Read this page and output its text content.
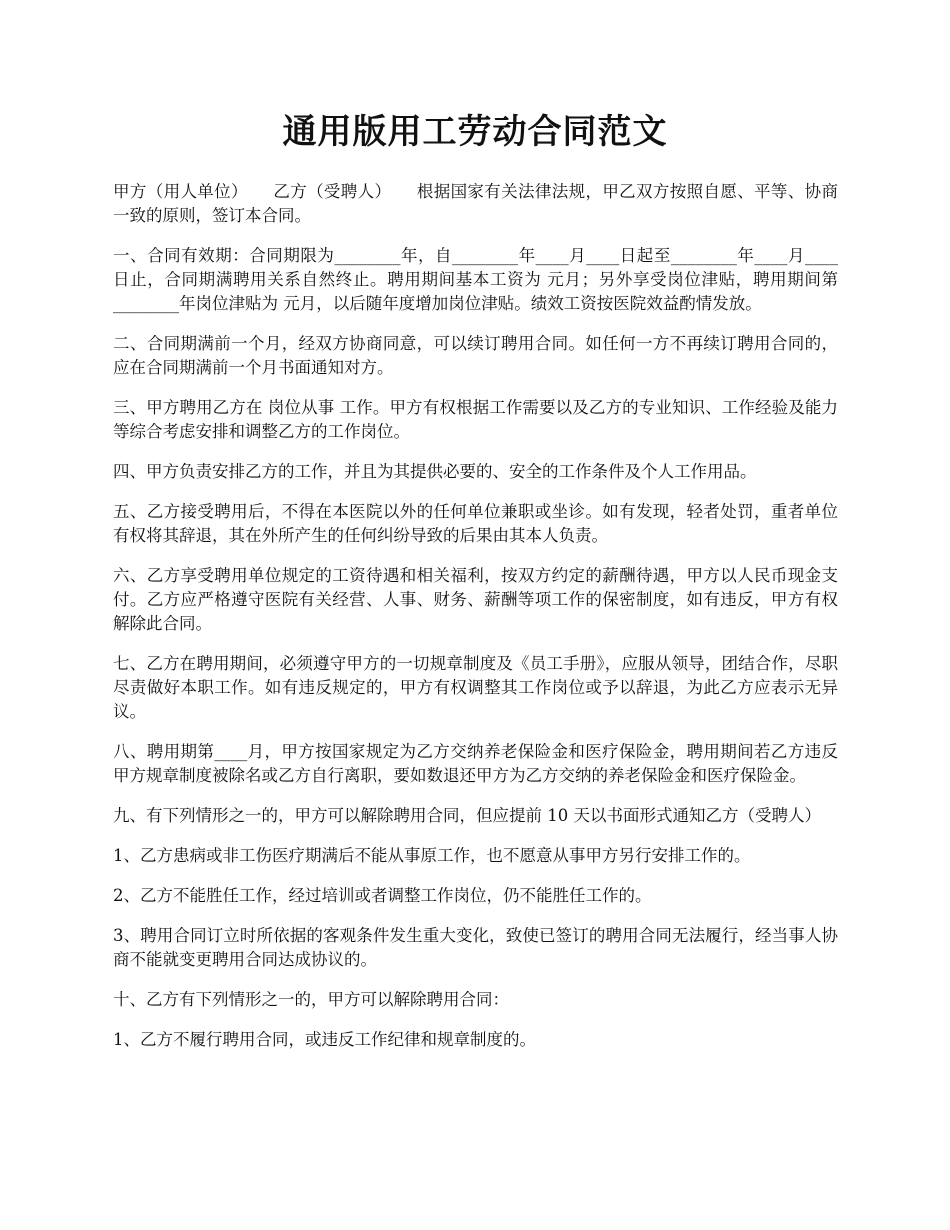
通用版用工劳动合同范文

甲方（用人单位）　　乙方（受聘人）　　根据国家有关法律法规，甲乙双方按照自愿、平等、协商一致的原则，签订本合同。

一、合同有效期：合同期限为________年，自________年____月____日起至________年____月____日止，合同期满聘用关系自然终止。聘用期间基本工资为 元月；另外享受岗位津贴，聘用期间第________年岗位津贴为 元月，以后随年度增加岗位津贴。绩效工资按医院效益酌情发放。

二、合同期满前一个月，经双方协商同意，可以续订聘用合同。如任何一方不再续订聘用合同的，应在合同期满前一个月书面通知对方。

三、甲方聘用乙方在 岗位从事 工作。甲方有权根据工作需要以及乙方的专业知识、工作经验及能力等综合考虑安排和调整乙方的工作岗位。

四、甲方负责安排乙方的工作，并且为其提供必要的、安全的工作条件及个人工作用品。

五、乙方接受聘用后，不得在本医院以外的任何单位兼职或坐诊。如有发现，轻者处罚，重者单位有权将其辞退，其在外所产生的任何纠纷导致的后果由其本人负责。

六、乙方享受聘用单位规定的工资待遇和相关福利，按双方约定的薪酬待遇，甲方以人民币现金支付。乙方应严格遵守医院有关经营、人事、财务、薪酬等项工作的保密制度，如有违反，甲方有权解除此合同。

七、乙方在聘用期间，必须遵守甲方的一切规章制度及《员工手册》，应服从领导，团结合作，尽职尽责做好本职工作。如有违反规定的，甲方有权调整其工作岗位或予以辞退，为此乙方应表示无异议。

八、聘用期第____月，甲方按国家规定为乙方交纳养老保险金和医疗保险金，聘用期间若乙方违反甲方规章制度被除名或乙方自行离职，要如数退还甲方为乙方交纳的养老保险金和医疗保险金。

九、有下列情形之一的，甲方可以解除聘用合同，但应提前 10 天以书面形式通知乙方（受聘人）

1、乙方患病或非工伤医疗期满后不能从事原工作，也不愿意从事甲方另行安排工作的。

2、乙方不能胜任工作，经过培训或者调整工作岗位，仍不能胜任工作的。

3、聘用合同订立时所依据的客观条件发生重大变化，致使已签订的聘用合同无法履行，经当事人协商不能就变更聘用合同达成协议的。

十、乙方有下列情形之一的，甲方可以解除聘用合同：

1、乙方不履行聘用合同，或违反工作纪律和规章制度的。
